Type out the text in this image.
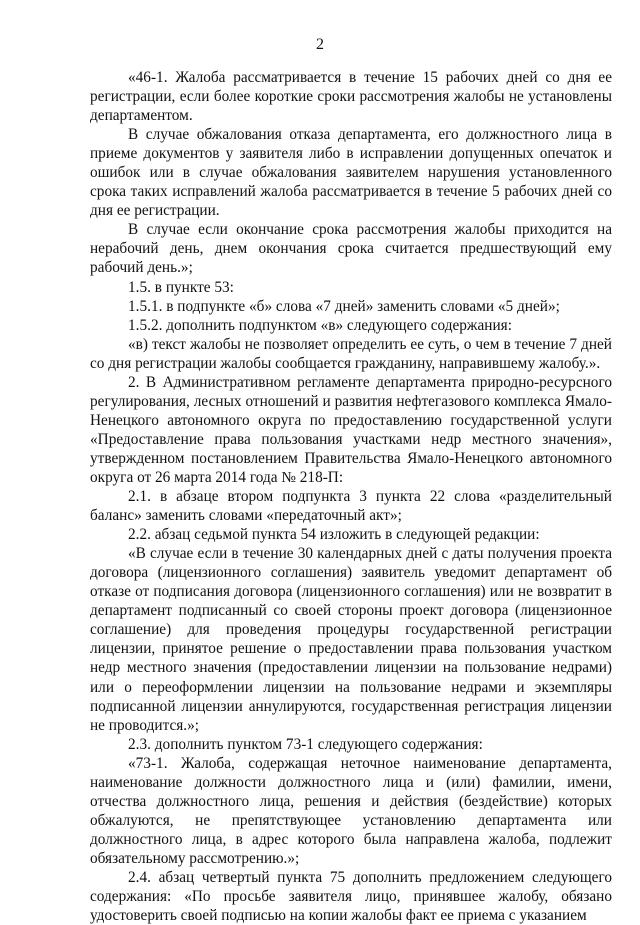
2

«46-1. Жалоба рассматривается в течение 15 рабочих дней со дня ее регистрации, если более короткие сроки рассмотрения жалобы не установлены департаментом.

В случае обжалования отказа департамента, его должностного лица в приеме документов у заявителя либо в исправлении допущенных опечаток и ошибок или в случае обжалования заявителем нарушения установленного срока таких исправлений жалоба рассматривается в течение 5 рабочих дней со дня ее регистрации.

В случае если окончание срока рассмотрения жалобы приходится на нерабочий день, днем окончания срока считается предшествующий ему рабочий день.»;

1.5. в пункте 53:

1.5.1. в подпункте «б» слова «7 дней» заменить словами «5 дней»;

1.5.2. дополнить подпунктом «в» следующего содержания:

«в) текст жалобы не позволяет определить ее суть, о чем в течение 7 дней со дня регистрации жалобы сообщается гражданину, направившему жалобу.».

2. В Административном регламенте департамента природно-ресурсного регулирования, лесных отношений и развития нефтегазового комплекса Ямало-Ненецкого автономного округа по предоставлению государственной услуги «Предоставление права пользования участками недр местного значения», утвержденном постановлением Правительства Ямало-Ненецкого автономного округа от 26 марта 2014 года № 218-П:

2.1. в абзаце втором подпункта 3 пункта 22 слова «разделительный баланс» заменить словами «передаточный акт»;

2.2. абзац седьмой пункта 54 изложить в следующей редакции:

«В случае если в течение 30 календарных дней с даты получения проекта договора (лицензионного соглашения) заявитель уведомит департамент об отказе от подписания договора (лицензионного соглашения) или не возвратит в департамент подписанный со своей стороны проект договора (лицензионное соглашение) для проведения процедуры государственной регистрации лицензии, принятое решение о предоставлении права пользования участком недр местного значения (предоставлении лицензии на пользование недрами) или о переоформлении лицензии на пользование недрами и экземпляры подписанной лицензии аннулируются, государственная регистрация лицензии не проводится.»;

2.3. дополнить пунктом 73-1 следующего содержания:

«73-1. Жалоба, содержащая неточное наименование департамента, наименование должности должностного лица и (или) фамилии, имени, отчества должностного лица, решения и действия (бездействие) которых обжалуются, не препятствующее установлению департамента или должностного лица, в адрес которого была направлена жалоба, подлежит обязательному рассмотрению.»;

2.4. абзац четвертый пункта 75 дополнить предложением следующего содержания: «По просьбе заявителя лицо, принявшее жалобу, обязано удостоверить своей подписью на копии жалобы факт ее приема с указанием
